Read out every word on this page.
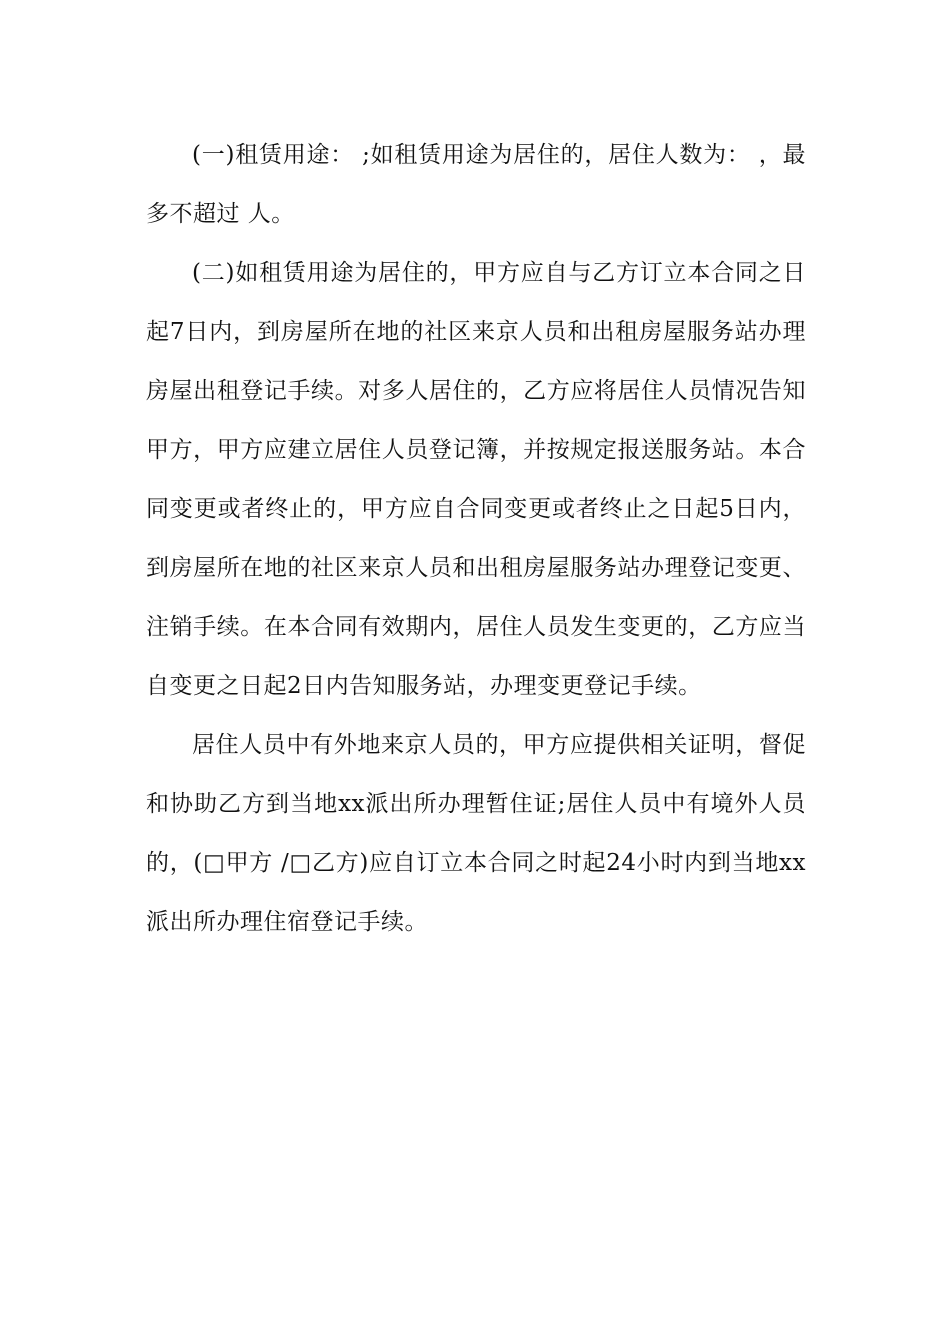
(一)租赁用途： ;如租赁用途为居住的，居住人数为： ，最多不超过 人。

(二)如租赁用途为居住的，甲方应自与乙方订立本合同之日起7日内，到房屋所在地的社区来京人员和出租房屋服务站办理房屋出租登记手续。对多人居住的，乙方应将居住人员情况告知甲方，甲方应建立居住人员登记簿，并按规定报送服务站。本合同变更或者终止的，甲方应自合同变更或者终止之日起5日内，到房屋所在地的社区来京人员和出租房屋服务站办理登记变更、注销手续。在本合同有效期内，居住人员发生变更的，乙方应当自变更之日起2日内告知服务站，办理变更登记手续。

居住人员中有外地来京人员的，甲方应提供相关证明，督促和协助乙方到当地xx派出所办理暂住证;居住人员中有境外人员的，(□甲方 /□乙方)应自订立本合同之时起24小时内到当地xx派出所办理住宿登记手续。
